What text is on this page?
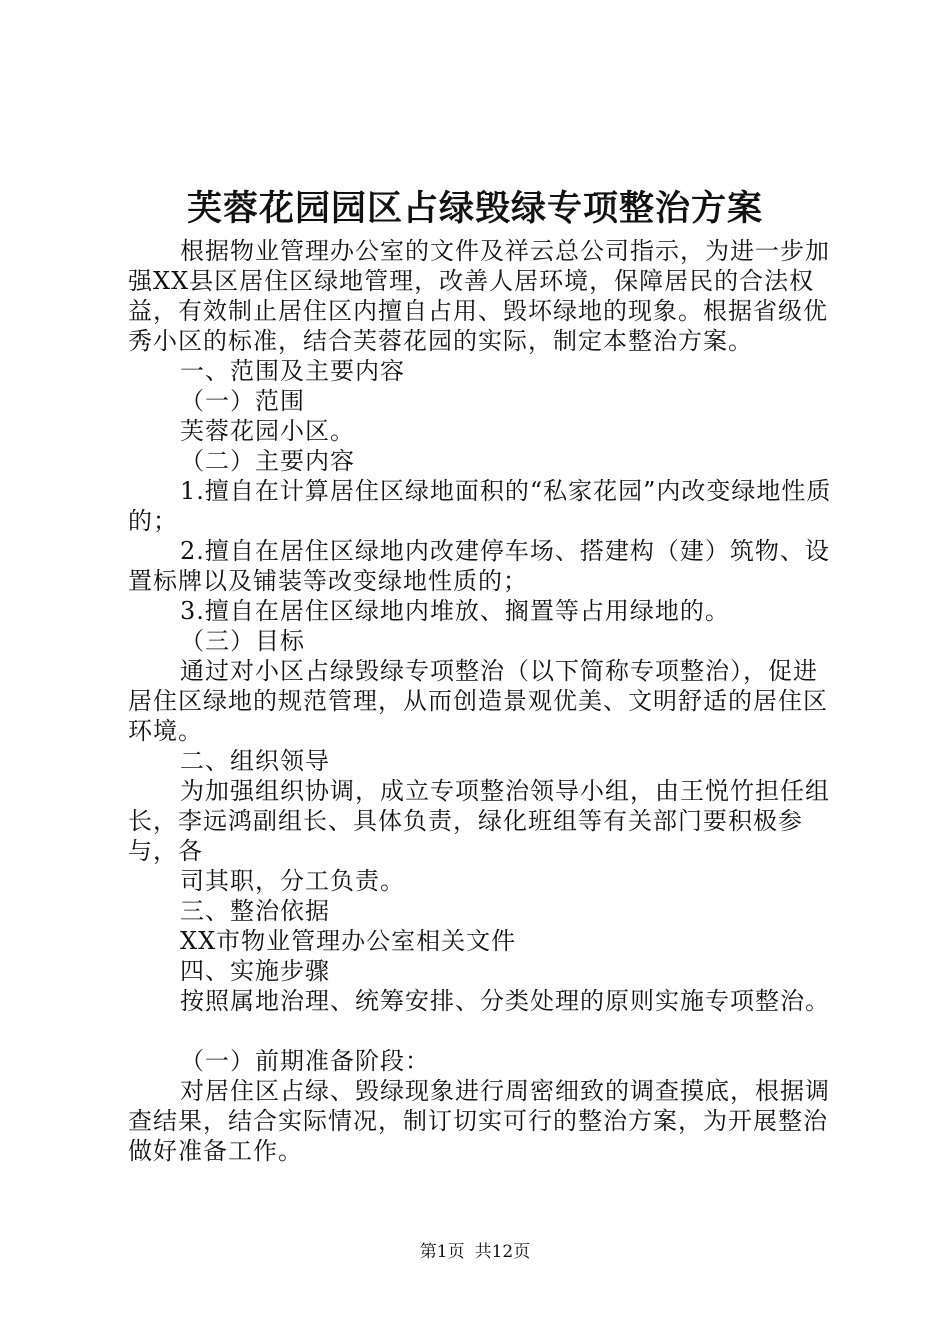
芙蓉花园园区占绿毁绿专项整治方案

根据物业管理办公室的文件及祥云总公司指示，为进一步加强XX县区居住区绿地管理，改善人居环境，保障居民的合法权益，有效制止居住区内擅自占用、毁坏绿地的现象。根据省级优秀小区的标准，结合芙蓉花园的实际，制定本整治方案。

一、范围及主要内容

（一）范围

芙蓉花园小区。

（二）主要内容

1.擅自在计算居住区绿地面积的“私家花园”内改变绿地性质的；

2.擅自在居住区绿地内改建停车场、搭建构（建）筑物、设置标牌以及铺装等改变绿地性质的；

3.擅自在居住区绿地内堆放、搁置等占用绿地的。

（三）目标

通过对小区占绿毁绿专项整治（以下简称专项整治），促进居住区绿地的规范管理，从而创造景观优美、文明舒适的居住区环境。

二、组织领导

为加强组织协调，成立专项整治领导小组，由王悦竹担任组长，李远鸿副组长、具体负责，绿化班组等有关部门要积极参与，各

司其职，分工负责。

三、整治依据

XX市物业管理办公室相关文件

四、实施步骤

按照属地治理、统筹安排、分类处理的原则实施专项整治。

（一）前期准备阶段：

对居住区占绿、毁绿现象进行周密细致的调查摸底，根据调查结果，结合实际情况，制订切实可行的整治方案，为开展整治做好准备工作。

第1页 共12页
